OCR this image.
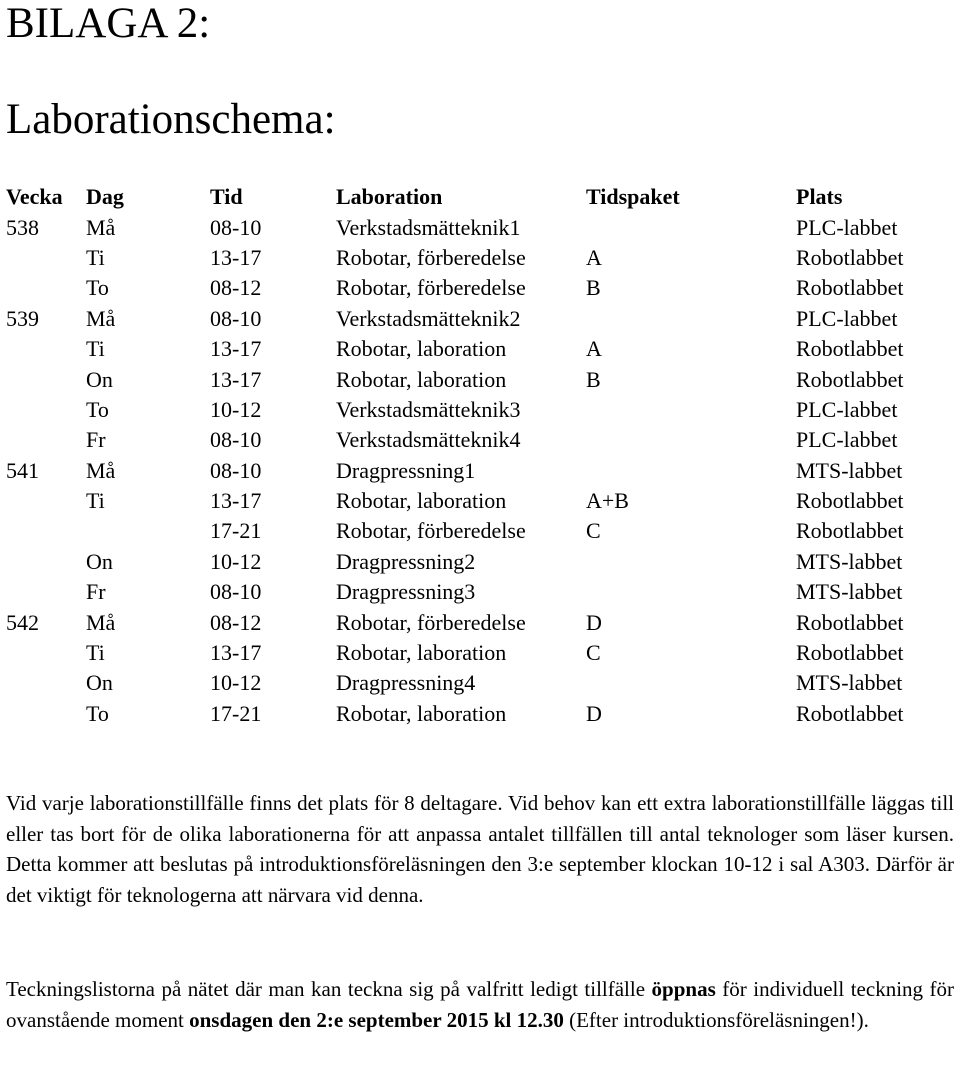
BILAGA 2:
Laborationschema:
Vecka	Dag	Tid	Laboration	Tidspaket	Plats
538	Må	08-10	Verkstadsmätteknik1		PLC-labbet
	Ti	13-17	Robotar, förberedelse	A	Robotlabbet
	To	08-12	Robotar, förberedelse	B	Robotlabbet
539	Må	08-10	Verkstadsmätteknik2		PLC-labbet
	Ti	13-17	Robotar, laboration	A	Robotlabbet
	On	13-17	Robotar, laboration	B	Robotlabbet
	To	10-12	Verkstadsmätteknik3		PLC-labbet
	Fr	08-10	Verkstadsmätteknik4		PLC-labbet
541	Må	08-10	Dragpressning1		MTS-labbet
	Ti	13-17	Robotar, laboration	A+B	Robotlabbet
		17-21	Robotar, förberedelse	C	Robotlabbet
	On	10-12	Dragpressning2		MTS-labbet
	Fr	08-10	Dragpressning3		MTS-labbet
542	Må	08-12	Robotar, förberedelse	D	Robotlabbet
	Ti	13-17	Robotar, laboration	C	Robotlabbet
	On	10-12	Dragpressning4		MTS-labbet
	To	17-21	Robotar, laboration	D	Robotlabbet

Vid varje laborationstillfälle finns det plats för 8 deltagare. Vid behov kan ett extra laborationstillfälle läggas till eller tas bort för de olika laborationerna för att anpassa antalet tillfällen till antal teknologer som läser kursen. Detta kommer att beslutas på introduktionsföreläsningen den 3:e september klockan 10-12 i sal A303. Därför är det viktigt för teknologerna att närvara vid denna.

Teckningslistorna på nätet där man kan teckna sig på valfritt ledigt tillfälle öppnas för individuell teckning för ovanstående moment onsdagen den 2:e september 2015 kl 12.30 (Efter introduktionsföreläsningen!).
